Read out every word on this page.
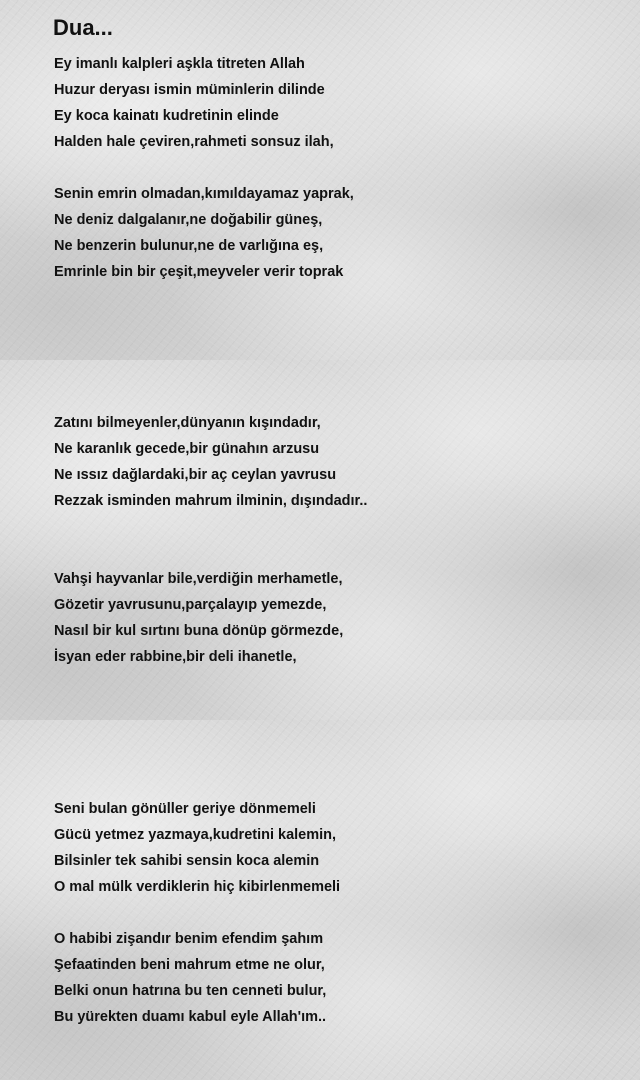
Dua...
Ey imanlı kalpleri aşkla titreten Allah
Huzur deryası ismin müminlerin dilinde
Ey koca kainatı kudretinin elinde
Halden hale çeviren,rahmeti sonsuz ilah,
Senin emrin olmadan,kımıldayamaz yaprak,
Ne deniz dalgalanır,ne doğabilir güneş,
Ne benzerin bulunur,ne de varlığına eş,
Emrinle bin bir çeşit,meyveler verir toprak
Zatını bilmeyenler,dünyanın kışındadır,
Ne karanlık gecede,bir günahın arzusu
Ne ıssız dağlardaki,bir aç ceylan yavrusu
Rezzak isminden mahrum ilminin, dışındadır..
Vahşi hayvanlar bile,verdiğin merhametle,
Gözetir yavrusunu,parçalayıp yemezde,
Nasıl bir kul sırtını buna dönüp görmezde,
İsyan eder rabbine,bir deli ihanetle,
Seni bulan gönüller geriye dönmemeli
Gücü yetmez yazmaya,kudretini kalemin,
Bilsinler tek sahibi sensin koca alemin
O mal mülk verdiklerin hiç kibirlenmemeli
O habibi zişandır benim efendim şahım
Şefaatinden beni mahrum etme ne olur,
Belki onun hatrına bu ten cenneti bulur,
Bu yürekten duamı kabul eyle Allah'ım..
